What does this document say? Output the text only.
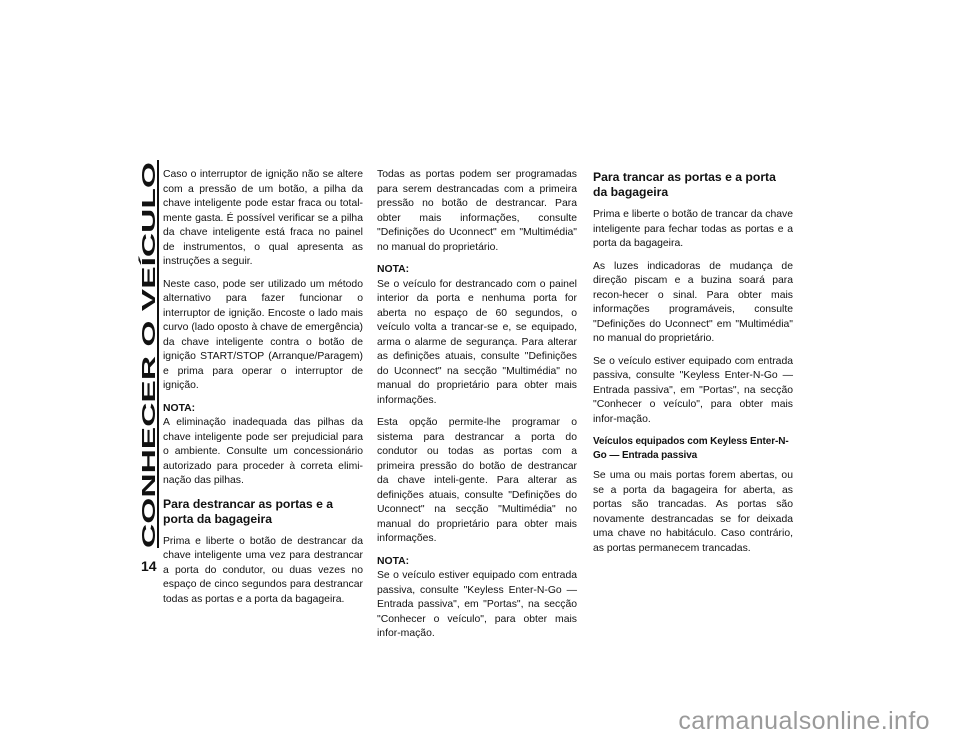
CONHECER O VEÍCULO
14

Caso o interruptor de ignição não se altere com a pressão de um botão, a pilha da chave inteligente pode estar fraca ou total-mente gasta. É possível verificar se a pilha da chave inteligente está fraca no painel de instrumentos, o qual apresenta as instruções a seguir.

Neste caso, pode ser utilizado um método alternativo para fazer funcionar o interruptor de ignição. Encoste o lado mais curvo (lado oposto à chave de emergência) da chave inteligente contra o botão de ignição START/STOP (Arranque/Paragem) e prima para operar o interruptor de ignição.

NOTA:
A eliminação inadequada das pilhas da chave inteligente pode ser prejudicial para o ambiente. Consulte um concessionário autorizado para proceder à correta elimi-nação das pilhas.

Para destrancar as portas e a porta da bagageira

Prima e liberte o botão de destrancar da chave inteligente uma vez para destrancar a porta do condutor, ou duas vezes no espaço de cinco segundos para destrancar todas as portas e a porta da bagageira.

Todas as portas podem ser programadas para serem destrancadas com a primeira pressão no botão de destrancar. Para obter mais informações, consulte "Definições do Uconnect" em "Multimédia" no manual do proprietário.

NOTA:
Se o veículo for destrancado com o painel interior da porta e nenhuma porta for aberta no espaço de 60 segundos, o veículo volta a trancar-se e, se equipado, arma o alarme de segurança. Para alterar as definições atuais, consulte "Definições do Uconnect" na secção "Multimédia" no manual do proprietário para obter mais informações.

Esta opção permite-lhe programar o sistema para destrancar a porta do condutor ou todas as portas com a primeira pressão do botão de destrancar da chave inteli-gente. Para alterar as definições atuais, consulte "Definições do Uconnect" na secção "Multimédia" no manual do proprietário para obter mais informações.

NOTA:
Se o veículo estiver equipado com entrada passiva, consulte "Keyless Enter-N-Go — Entrada passiva", em "Portas", na secção "Conhecer o veículo", para obter mais infor-mação.

Para trancar as portas e a porta da bagageira

Prima e liberte o botão de trancar da chave inteligente para fechar todas as portas e a porta da bagageira.

As luzes indicadoras de mudança de direção piscam e a buzina soará para recon-hecer o sinal. Para obter mais informações programáveis, consulte "Definições do Uconnect" em "Multimédia" no manual do proprietário.

Se o veículo estiver equipado com entrada passiva, consulte "Keyless Enter-N-Go — Entrada passiva", em "Portas", na secção "Conhecer o veículo", para obter mais infor-mação.

Veículos equipados com Keyless Enter-N-Go — Entrada passiva

Se uma ou mais portas forem abertas, ou se a porta da bagageira for aberta, as portas são trancadas. As portas são novamente destrancadas se for deixada uma chave no habitáculo. Caso contrário, as portas permanecem trancadas.

carmanualsonline.info
